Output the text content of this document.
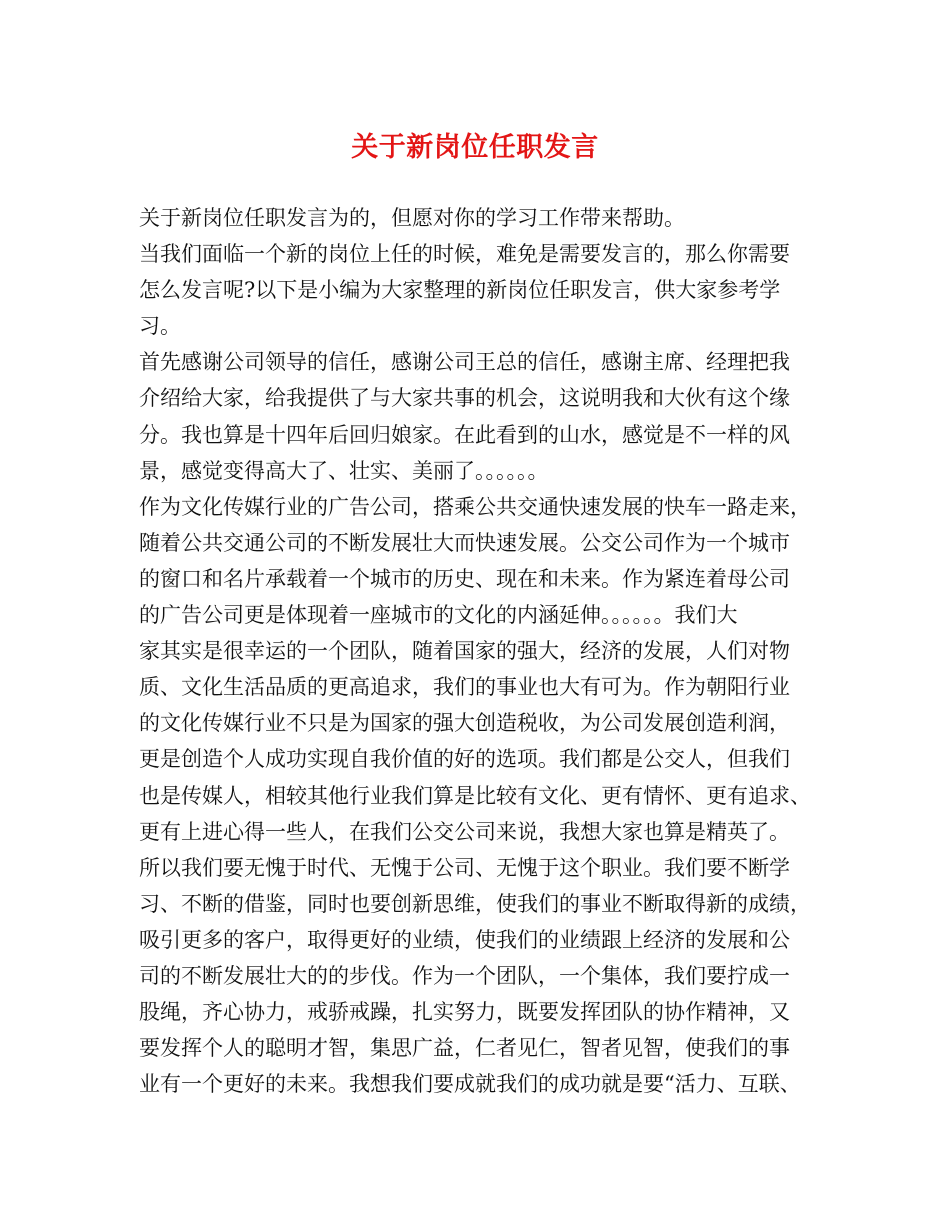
关于新岗位任职发言
关于新岗位任职发言为的，但愿对你的学习工作带来帮助。
当我们面临一个新的岗位上任的时候，难免是需要发言的，那么你需要
怎么发言呢?以下是小编为大家整理的新岗位任职发言，供大家参考学
习。
首先感谢公司领导的信任，感谢公司王总的信任，感谢主席、经理把我
介绍给大家，给我提供了与大家共事的机会，这说明我和大伙有这个缘
分。我也算是十四年后回归娘家。在此看到的山水，感觉是不一样的风
景，感觉变得高大了、壮实、美丽了。。。。。。
作为文化传媒行业的广告公司，搭乘公共交通快速发展的快车一路走来，
随着公共交通公司的不断发展壮大而快速发展。公交公司作为一个城市
的窗口和名片承载着一个城市的历史、现在和未来。作为紧连着母公司
的广告公司更是体现着一座城市的文化的内涵延伸。。。。。。我们大
家其实是很幸运的一个团队，随着国家的强大，经济的发展，人们对物
质、文化生活品质的更高追求，我们的事业也大有可为。作为朝阳行业
的文化传媒行业不只是为国家的强大创造税收，为公司发展创造利润，
更是创造个人成功实现自我价值的好的选项。我们都是公交人，但我们
也是传媒人，相较其他行业我们算是比较有文化、更有情怀、更有追求、
更有上进心得一些人，在我们公交公司来说，我想大家也算是精英了。
所以我们要无愧于时代、无愧于公司、无愧于这个职业。我们要不断学
习、不断的借鉴，同时也要创新思维，使我们的事业不断取得新的成绩，
吸引更多的客户，取得更好的业绩，使我们的业绩跟上经济的发展和公
司的不断发展壮大的的步伐。作为一个团队，一个集体，我们要拧成一
股绳，齐心协力，戒骄戒躁，扎实努力，既要发挥团队的协作精神，又
要发挥个人的聪明才智，集思广益，仁者见仁，智者见智，使我们的事
业有一个更好的未来。我想我们要成就我们的成功就是要“活力、互联、
